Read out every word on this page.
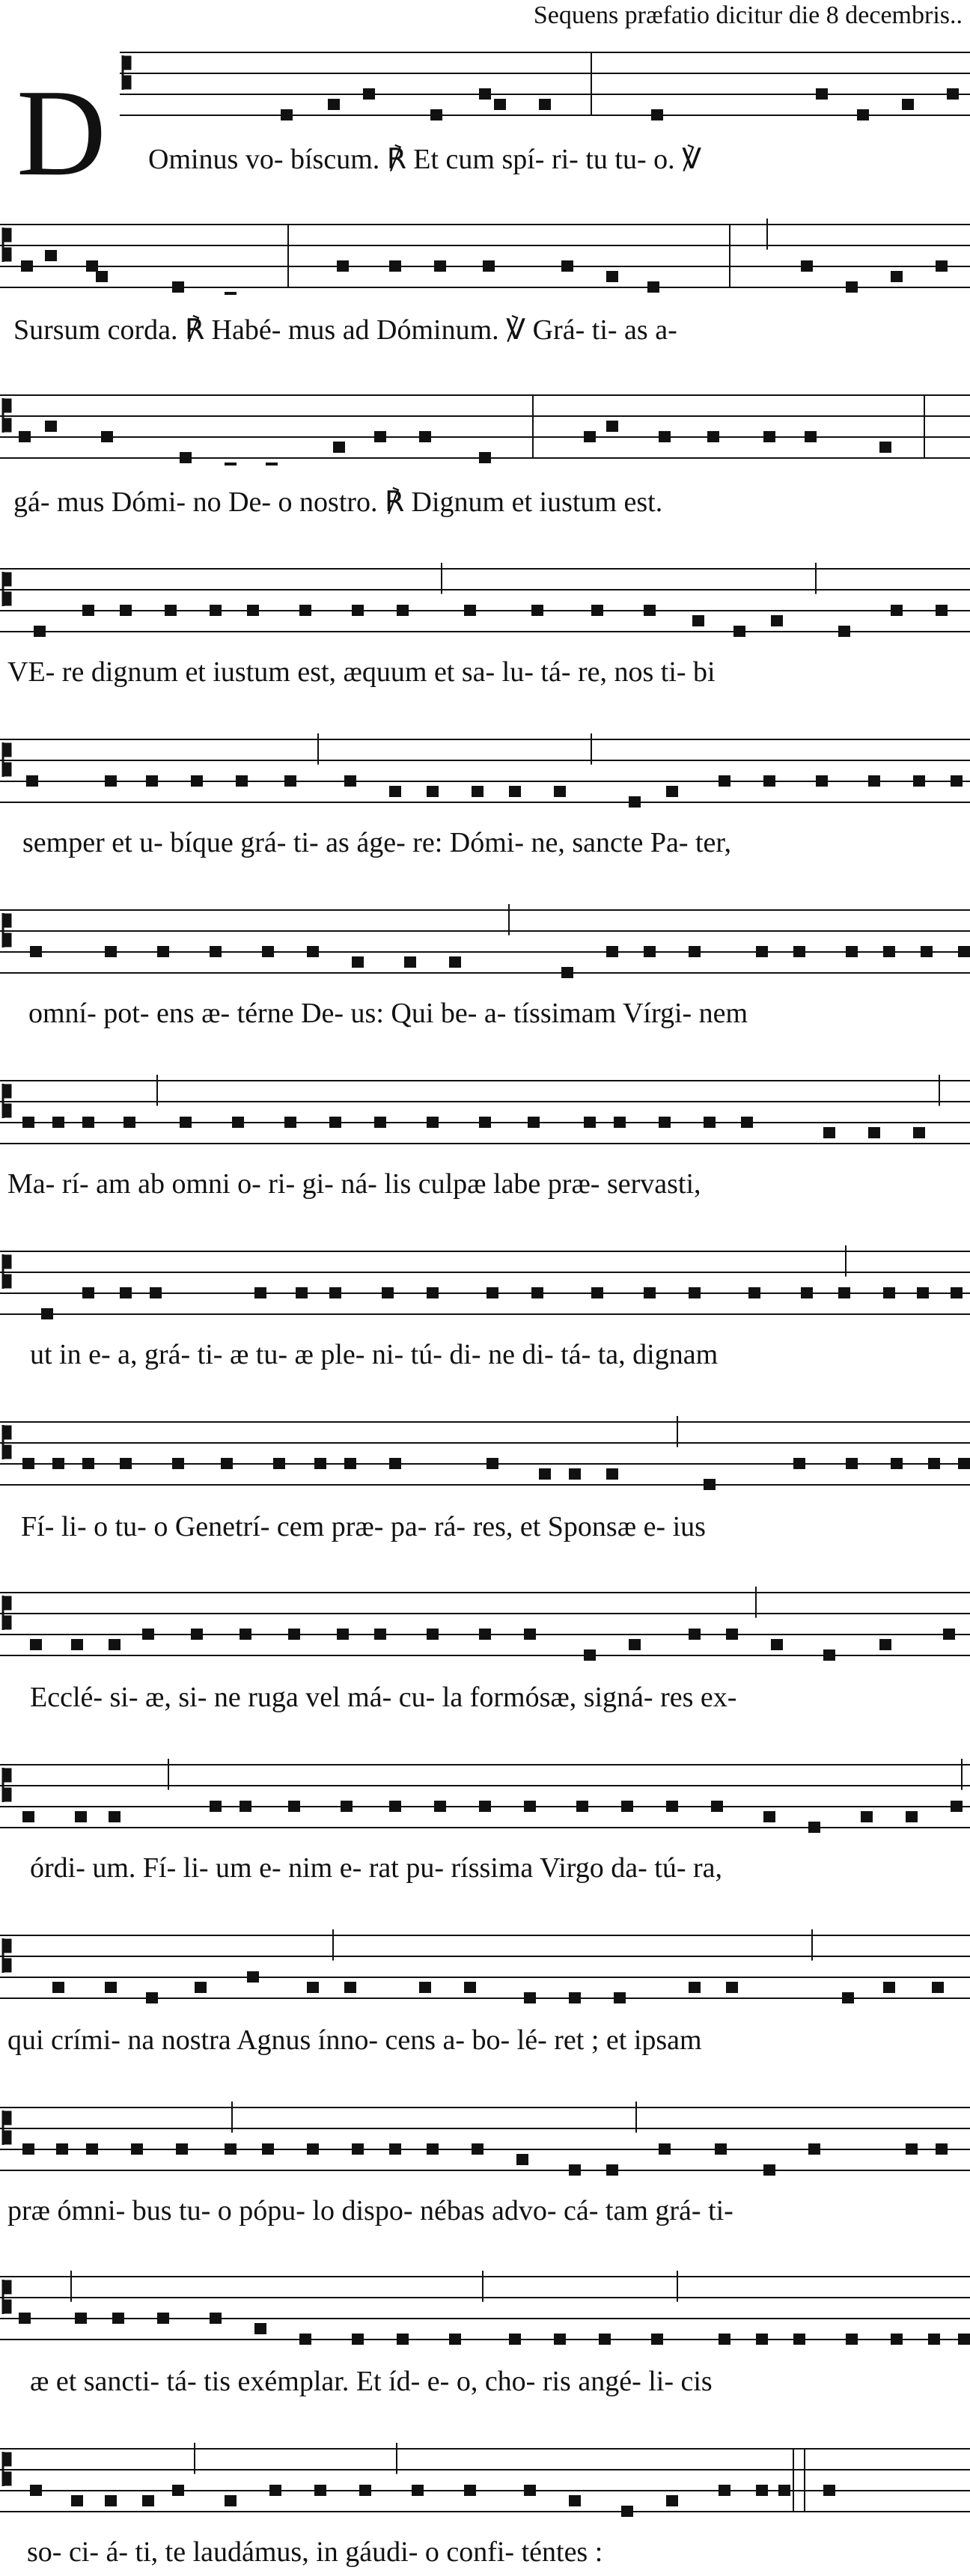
Sequens præfatio dicitur die 8 decembris..
D Ominus vo- bíscum. ℟ Et cum spí- ri- tu tu- o. ℣
Sursum corda. ℟ Habé- mus ad Dóminum. ℣ Grá- ti- as a-
gá- mus Dómi- no De- o nostro. ℟ Dignum et iustum est.
VE- re dignum et iustum est, æquum et sa- lu- tá- re, nos ti- bi
semper et u- bíque grá- ti- as áge- re: Dómi- ne, sancte Pa- ter,
omní- pot- ens æ- térne De- us: Qui be- a- tíssimam Vírgi- nem
Ma- rí- am ab omni o- ri- gi- ná- lis culpæ labe præ- servasti,
ut in e- a, grá- ti- æ tu- æ ple- ni- tú- di- ne di- tá- ta, dignam
Fí- li- o tu- o Genetrí- cem præ- pa- rá- res, et Sponsæ e- ius
Ecclé- si- æ, si- ne ruga vel má- cu- la formósæ, signá- res ex-
órdi- um. Fí- li- um e- nim e- rat pu- ríssima Virgo da- tú- ra,
qui crími- na nostra Agnus ínno- cens a- bo- lé- ret ; et ipsam
præ ómni- bus tu- o pópu- lo dispo- nébas advo- cá- tam grá- ti-
æ et sancti- tá- tis exémplar. Et íd- e- o, cho- ris angé- li- cis
so- ci- á- ti, te laudámus, in gáudi- o confi- téntes :
